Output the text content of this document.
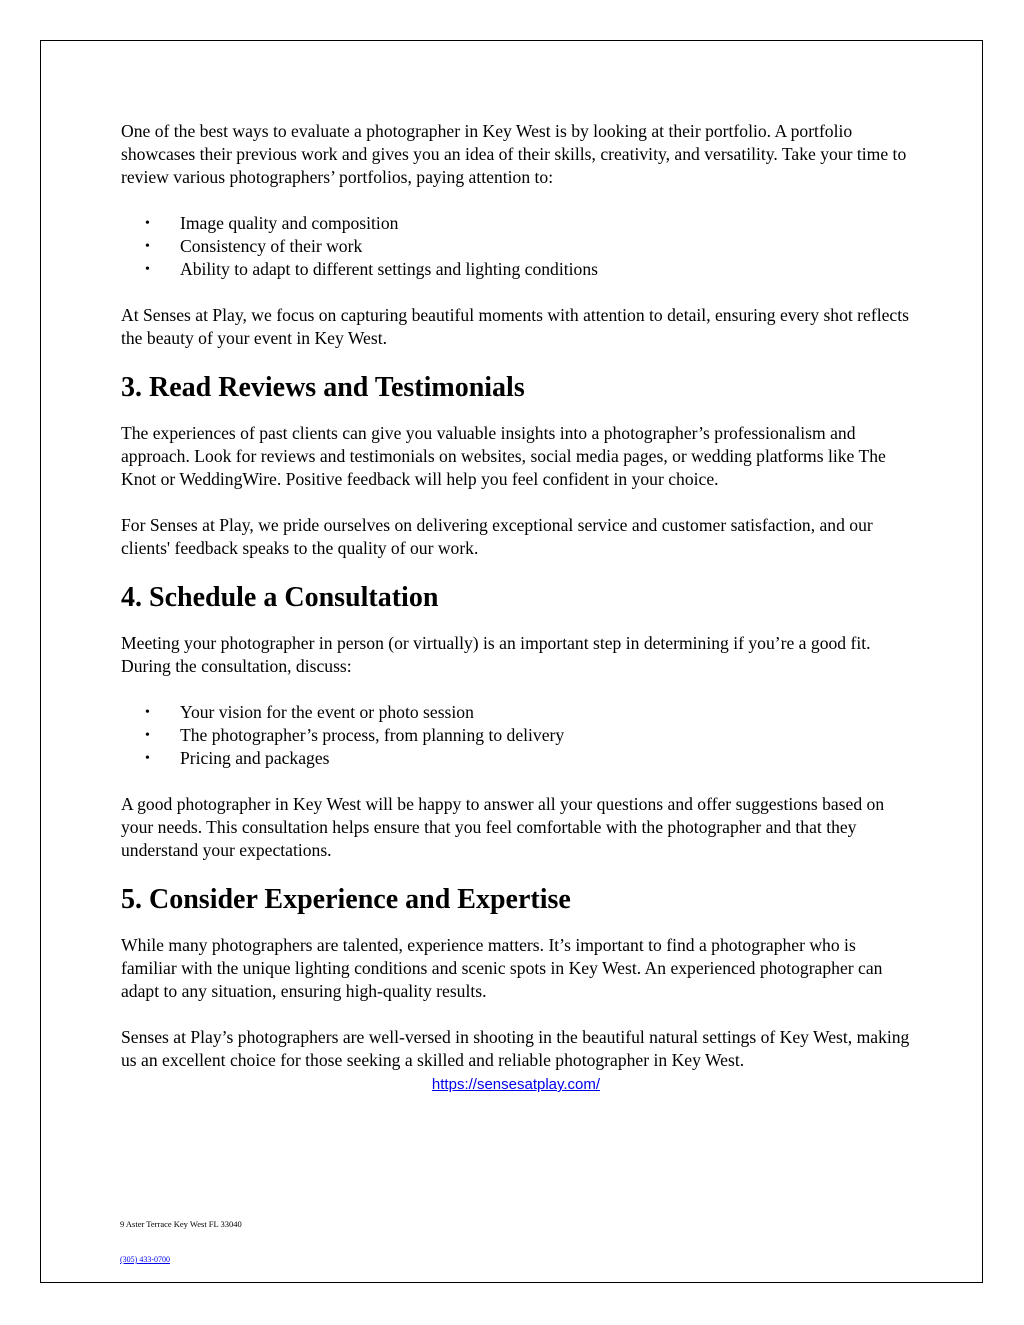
One of the best ways to evaluate a photographer in Key West is by looking at their portfolio. A portfolio showcases their previous work and gives you an idea of their skills, creativity, and versatility. Take your time to review various photographers’ portfolios, paying attention to:

• Image quality and composition
• Consistency of their work
• Ability to adapt to different settings and lighting conditions

At Senses at Play, we focus on capturing beautiful moments with attention to detail, ensuring every shot reflects the beauty of your event in Key West.

3. Read Reviews and Testimonials

The experiences of past clients can give you valuable insights into a photographer’s professionalism and approach. Look for reviews and testimonials on websites, social media pages, or wedding platforms like The Knot or WeddingWire. Positive feedback will help you feel confident in your choice.

For Senses at Play, we pride ourselves on delivering exceptional service and customer satisfaction, and our clients' feedback speaks to the quality of our work.

4. Schedule a Consultation

Meeting your photographer in person (or virtually) is an important step in determining if you’re a good fit. During the consultation, discuss:

• Your vision for the event or photo session
• The photographer’s process, from planning to delivery
• Pricing and packages

A good photographer in Key West will be happy to answer all your questions and offer suggestions based on your needs. This consultation helps ensure that you feel comfortable with the photographer and that they understand your expectations.

5. Consider Experience and Expertise

While many photographers are talented, experience matters. It’s important to find a photographer who is familiar with the unique lighting conditions and scenic spots in Key West. An experienced photographer can adapt to any situation, ensuring high-quality results.

Senses at Play’s photographers are well-versed in shooting in the beautiful natural settings of Key West, making us an excellent choice for those seeking a skilled and reliable photographer in Key West.

https://sensesatplay.com/
9 Aster Terrace Key West FL 33040
(305) 433-0700
